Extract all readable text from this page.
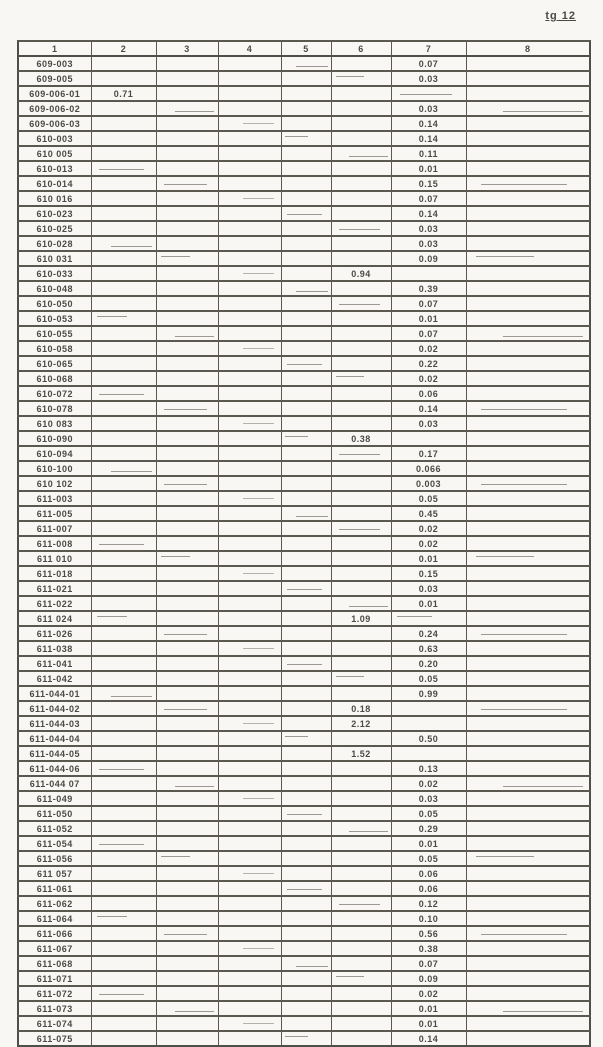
tg 12
1	2	3	4	5	6	7	8
609-003						0.07	
609-005						0.03	
609-006-01	0.71						
609-006-02						0.03	
609-006-03						0.14	
610-003						0.14	
610 005						0.11	
610-013						0.01	
610-014						0.15	
610 016						0.07	
610-023						0.14	
610-025						0.03	
610-028						0.03	
610 031						0.09	
610-033					0.94		
610-048						0.39	
610-050						0.07	
610-053						0.01	
610-055						0.07	
610-058						0.02	
610-065						0.22	
610-068						0.02	
610-072						0.06	
610-078						0.14	
610 083						0.03	
610-090					0.38		
610-094						0.17	
610-100						0.066	
610 102						0.003	
611-003						0.05	
611-005						0.45	
611-007						0.02	
611-008						0.02	
611 010						0.01	
611-018						0.15	
611-021						0.03	
611-022						0.01	
611 024					1.09		
611-026						0.24	
611-038						0.63	
611-041						0.20	
611-042						0.05	
611-044-01						0.99	
611-044-02					0.18		
611-044-03					2.12		
611-044-04						0.50	
611-044-05					1.52		
611-044-06						0.13	
611-044 07						0.02	
611-049						0.03	
611-050						0.05	
611-052						0.29	
611-054						0.01	
611-056						0.05	
611 057						0.06	
611-061						0.06	
611-062						0.12	
611-064						0.10	
611-066						0.56	
611-067						0.38	
611-068						0.07	
611-071						0.09	
611-072						0.02	
611-073						0.01	
611-074						0.01	
611-075						0.14	
